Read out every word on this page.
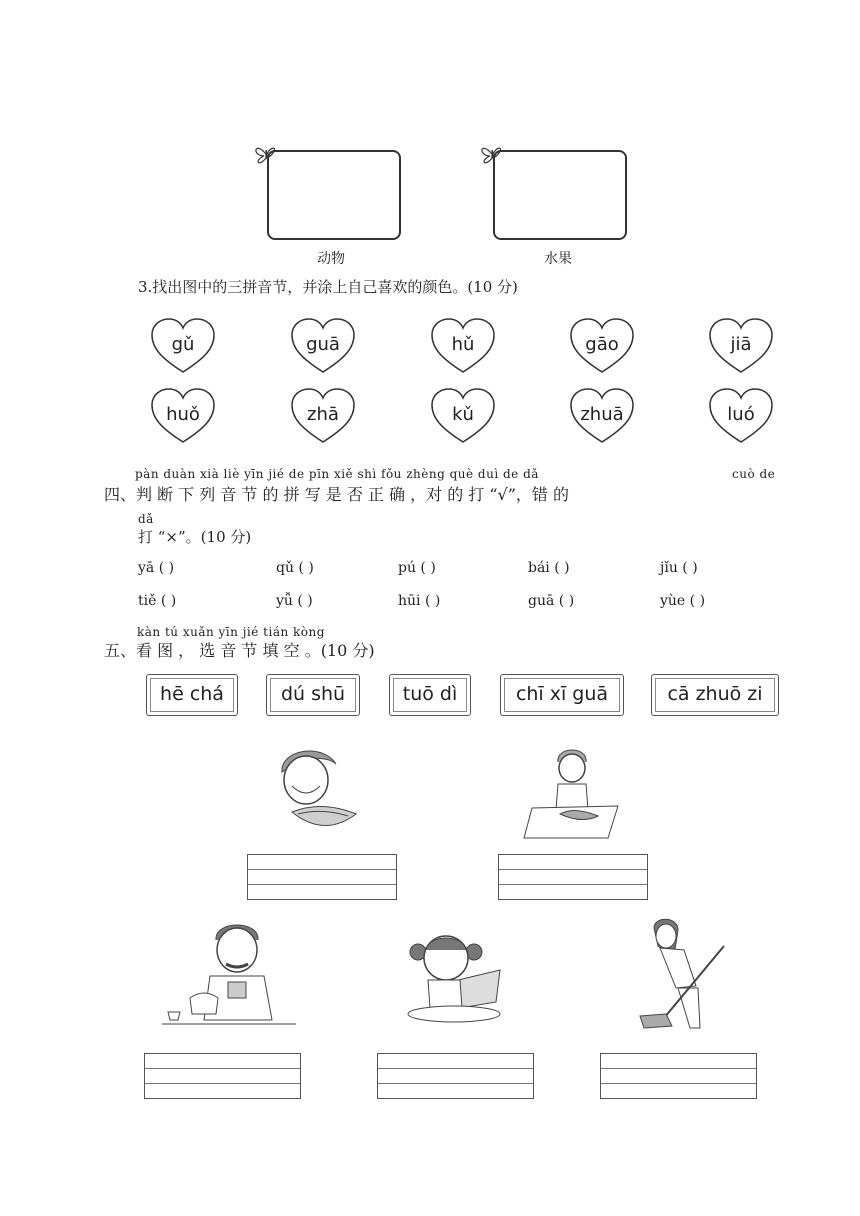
动物	水果
3.找出图中的三拼音节，并涂上自己喜欢的颜色。(10 分)
gǔ	guā	hǔ	gāo	jiā
huǒ	zhā	kǔ	zhuā	luó
pàn duàn xià liè yīn jié de pīn xiě shì fǒu zhèng què duì de dǎ	cuò de
四、判 断 下 列 音 节 的 拼 写 是 否 正 确 ，对 的 打 “√”，错 的
dǎ
打 “×”。(10 分)
yā ( )	qǔ ( )	pú ( )	bái ( )	jǐu ( )
tiě ( )	yǚ ( )	hūi ( )	guā ( )	yùe ( )
kàn tú xuǎn yīn jié tián kòng
五、看 图 ， 选 音 节 填 空 。(10 分)
hē chá	dú shū	tuō dì	chī xī guā	cā zhuō zi
